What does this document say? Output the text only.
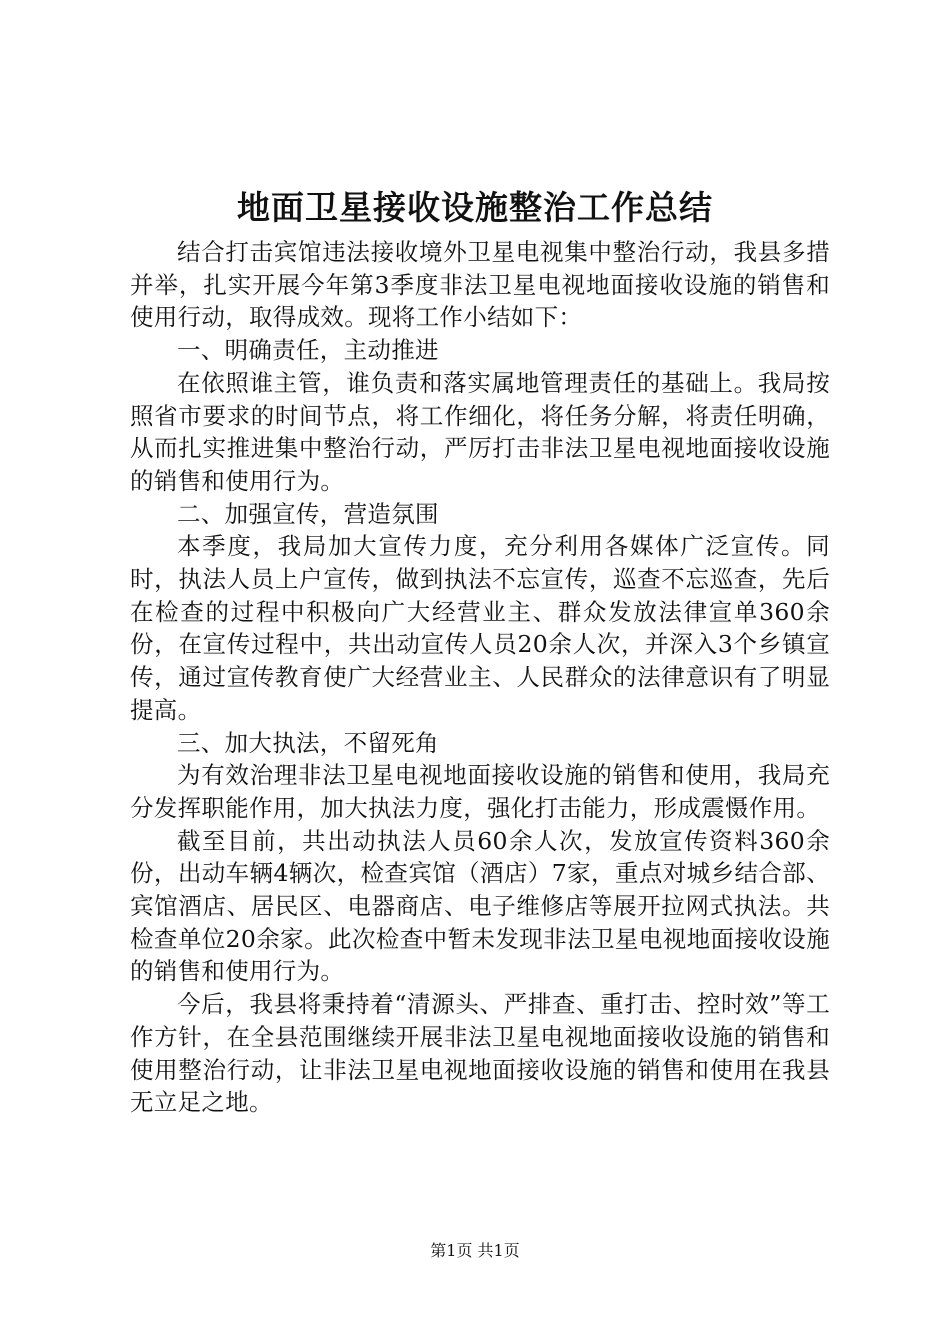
地面卫星接收设施整治工作总结

结合打击宾馆违法接收境外卫星电视集中整治行动，我县多措并举，扎实开展今年第3季度非法卫星电视地面接收设施的销售和使用行动，取得成效。现将工作小结如下：

一、明确责任，主动推进

在依照谁主管，谁负责和落实属地管理责任的基础上。我局按照省市要求的时间节点，将工作细化，将任务分解，将责任明确，从而扎实推进集中整治行动，严厉打击非法卫星电视地面接收设施的销售和使用行为。

二、加强宣传，营造氛围

本季度，我局加大宣传力度，充分利用各媒体广泛宣传。同时，执法人员上户宣传，做到执法不忘宣传，巡查不忘巡查，先后在检查的过程中积极向广大经营业主、群众发放法律宣单360余份，在宣传过程中，共出动宣传人员20余人次，并深入3个乡镇宣传，通过宣传教育使广大经营业主、人民群众的法律意识有了明显提高。

三、加大执法，不留死角

为有效治理非法卫星电视地面接收设施的销售和使用，我局充分发挥职能作用，加大执法力度，强化打击能力，形成震慑作用。

截至目前，共出动执法人员60余人次，发放宣传资料360余份，出动车辆4辆次，检查宾馆（酒店）7家，重点对城乡结合部、宾馆酒店、居民区、电器商店、电子维修店等展开拉网式执法。共检查单位20余家。此次检查中暂未发现非法卫星电视地面接收设施的销售和使用行为。

今后，我县将秉持着“清源头、严排查、重打击、控时效”等工作方针，在全县范围继续开展非法卫星电视地面接收设施的销售和使用整治行动，让非法卫星电视地面接收设施的销售和使用在我县无立足之地。

第1页 共1页
